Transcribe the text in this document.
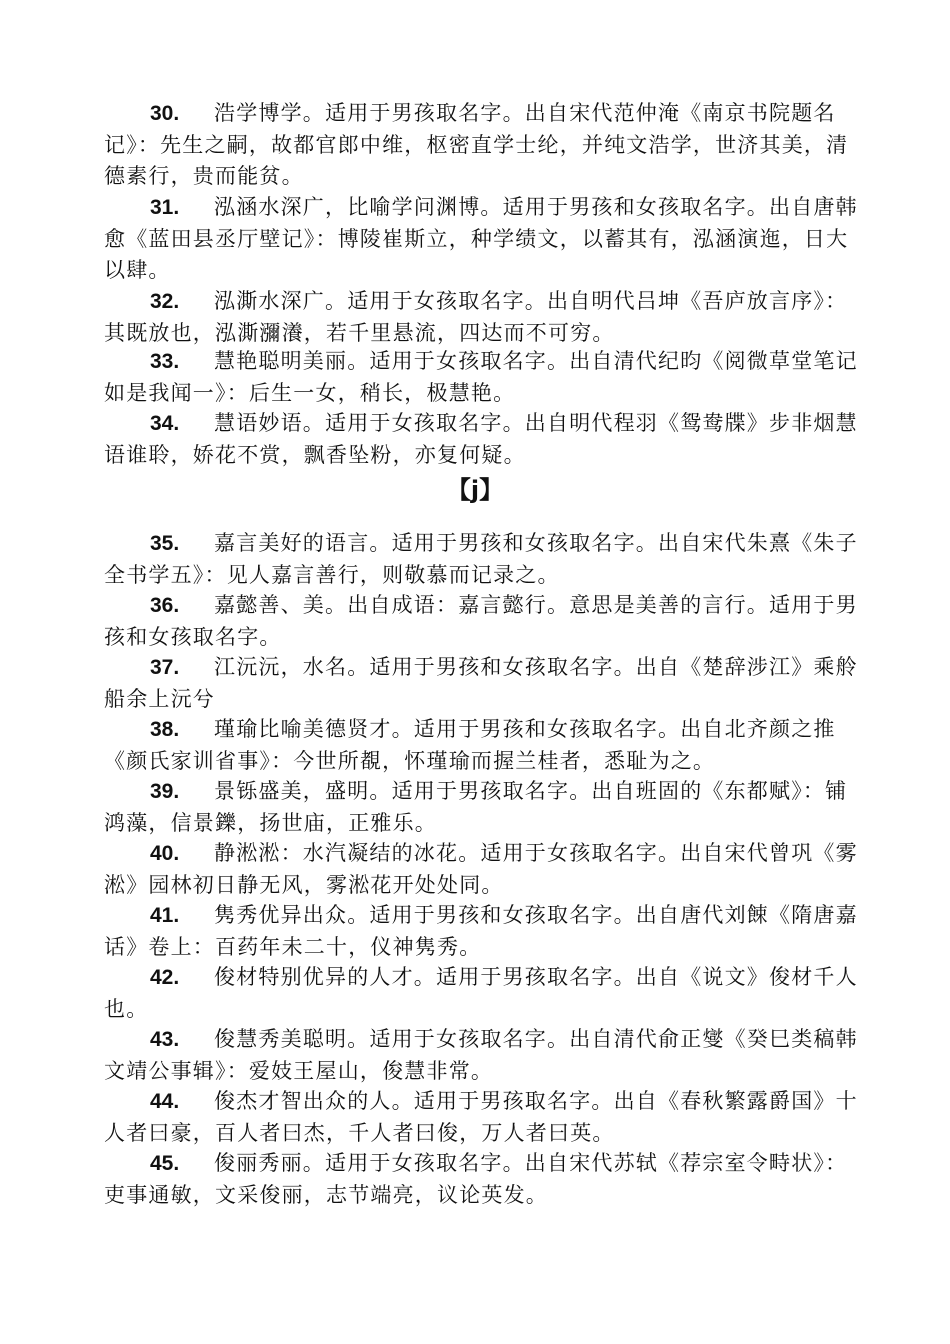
30. 浩学博学。适用于男孩取名字。出自宋代范仲淹《南京书院题名记》：先生之嗣，故都官郎中维，枢密直学士纶，并纯文浩学，世济其美，清德素行，贵而能贫。
31. 泓涵水深广，比喻学问渊博。适用于男孩和女孩取名字。出自唐韩愈《蓝田县丞厅壁记》：博陵崔斯立，种学绩文，以蓄其有，泓涵演迤，日大以肆。
32. 泓澌水深广。适用于女孩取名字。出自明代吕坤《吾庐放言序》：其既放也，泓澌瀰瀁，若千里悬流，四达而不可穷。
33. 慧艳聪明美丽。适用于女孩取名字。出自清代纪昀《阅微草堂笔记如是我闻一》：后生一女，稍长，极慧艳。
34. 慧语妙语。适用于女孩取名字。出自明代程羽《鸳鸯牒》步非烟慧语谁聆，娇花不赏，飘香坠粉，亦复何疑。
【j】
35. 嘉言美好的语言。适用于男孩和女孩取名字。出自宋代朱熹《朱子全书学五》：见人嘉言善行，则敬慕而记录之。
36. 嘉懿善、美。出自成语：嘉言懿行。意思是美善的言行。适用于男孩和女孩取名字。
37. 江沅沅，水名。适用于男孩和女孩取名字。出自《楚辞涉江》乘舲船余上沅兮
38. 瑾瑜比喻美德贤才。适用于男孩和女孩取名字。出自北齐颜之推《颜氏家训省事》：今世所覩，怀瑾瑜而握兰桂者，悉耻为之。
39. 景铄盛美，盛明。适用于男孩取名字。出自班固的《东都赋》：铺鸿藻，信景鑠，扬世庙，正雅乐。
40. 静淞淞：水汽凝结的冰花。适用于女孩取名字。出自宋代曾巩《雾淞》园林初日静无风，雾淞花开处处同。
41. 隽秀优异出众。适用于男孩和女孩取名字。出自唐代刘餗《隋唐嘉话》卷上：百药年未二十，仪神隽秀。
42. 俊材特别优异的人才。适用于男孩取名字。出自《说文》俊材千人也。
43. 俊慧秀美聪明。适用于女孩取名字。出自清代俞正燮《癸巳类稿韩文靖公事辑》：爱妓王屋山，俊慧非常。
44. 俊杰才智出众的人。适用于男孩取名字。出自《春秋繁露爵国》十人者曰豪，百人者曰杰，千人者曰俊，万人者曰英。
45. 俊丽秀丽。适用于女孩取名字。出自宋代苏轼《荐宗室令畤状》：吏事通敏，文采俊丽，志节端亮，议论英发。
